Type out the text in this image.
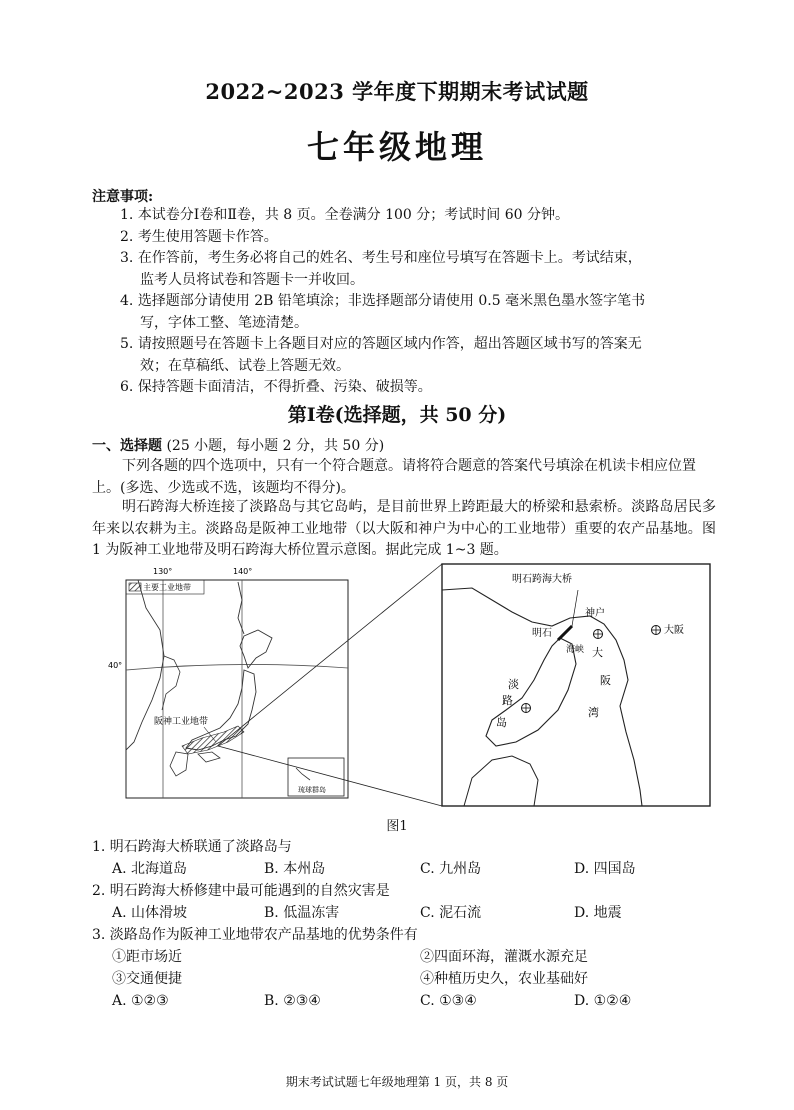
2022~2023 学年度下期期末考试试题
七年级地理
注意事项:
1. 本试卷分Ⅰ卷和Ⅱ卷，共 8 页。全卷满分 100 分；考试时间 60 分钟。
2. 考生使用答题卡作答。
3. 在作答前，考生务必将自己的姓名、考生号和座位号填写在答题卡上。考试结束，
监考人员将试卷和答题卡一并收回。
4. 选择题部分请使用 2B 铅笔填涂；非选择题部分请使用 0.5 毫米黑色墨水签字笔书
写，字体工整、笔迹清楚。
5. 请按照题号在答题卡上各题目对应的答题区域内作答，超出答题区域书写的答案无
效；在草稿纸、试卷上答题无效。
6. 保持答题卡面清洁，不得折叠、污染、破损等。
第Ⅰ卷(选择题，共 50 分)
一、选择题 (25 小题，每小题 2 分，共 50 分)
下列各题的四个选项中，只有一个符合题意。请将符合题意的答案代号填涂在机读卡相应位置上。(多选、少选或不选，该题均不得分)。
明石跨海大桥连接了淡路岛与其它岛屿，是目前世界上跨距最大的桥梁和悬索桥。淡路岛居民多年来以农耕为主。淡路岛是阪神工业地带（以大阪和神户为中心的工业地带）重要的农产品基地。图 1 为阪神工业地带及明石跨海大桥位置示意图。据此完成 1~3 题。
130°	140°
40°
主要工业地带
琉球群岛
阪神工业地带
明石跨海大桥
神户
大阪
明石
海峡
淡
路
岛
大
阪
湾
图1
1. 明石跨海大桥联通了淡路岛与
A. 北海道岛	B. 本州岛	C. 九州岛	D. 四国岛
2. 明石跨海大桥修建中最可能遇到的自然灾害是
A. 山体滑坡	B. 低温冻害	C. 泥石流	D. 地震
3. 淡路岛作为阪神工业地带农产品基地的优势条件有
①距市场近	②四面环海，灌溉水源充足
③交通便捷	④种植历史久，农业基础好
A. ①②③	B. ②③④	C. ①③④	D. ①②④
期末考试试题七年级地理第 1 页，共 8 页
